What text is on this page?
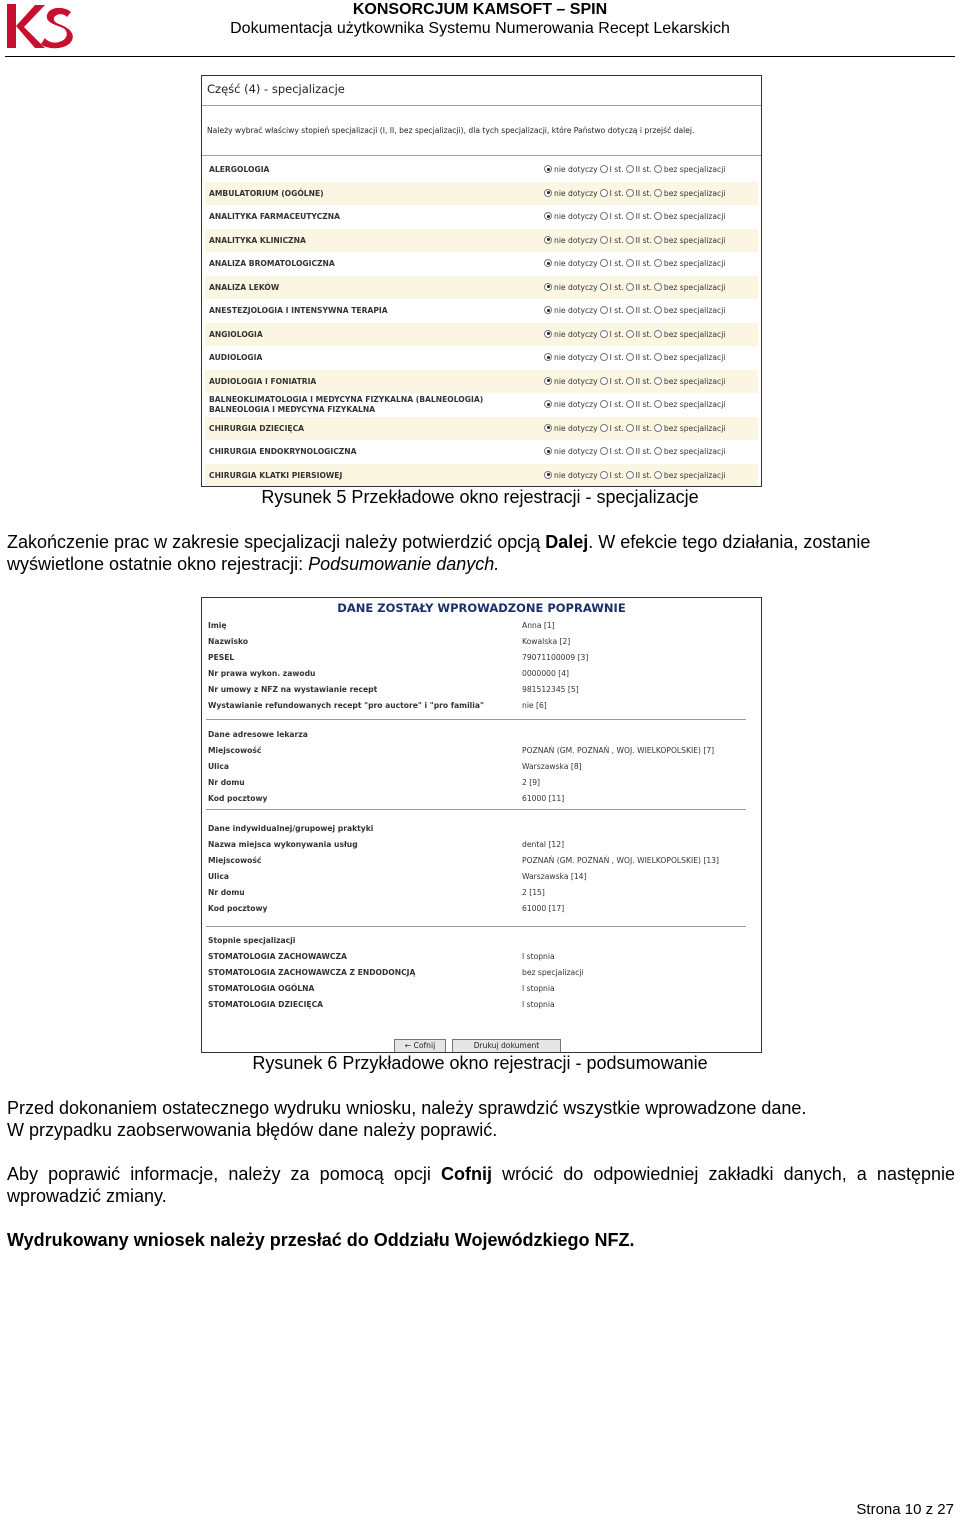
KONSORCJUM KAMSOFT – SPIN
Dokumentacja użytkownika Systemu Numerowania Recept Lekarskich
Część (4) - specjalizacje
Należy wybrać właściwy stopień specjalizacji (I, II, bez specjalizacji), dla tych specjalizacji, które Państwo dotyczą i przejść dalej.
ALERGOLOGIA	nie dotyczy I st. II st. bez specjalizacji
AMBULATORIUM (OGÓLNE)	nie dotyczy I st. II st. bez specjalizacji
ANALITYKA FARMACEUTYCZNA	nie dotyczy I st. II st. bez specjalizacji
ANALITYKA KLINICZNA	nie dotyczy I st. II st. bez specjalizacji
ANALIZA BROMATOLOGICZNA	nie dotyczy I st. II st. bez specjalizacji
ANALIZA LEKÓW	nie dotyczy I st. II st. bez specjalizacji
ANESTEZJOLOGIA I INTENSYWNA TERAPIA	nie dotyczy I st. II st. bez specjalizacji
ANGIOLOGIA	nie dotyczy I st. II st. bez specjalizacji
AUDIOLOGIA	nie dotyczy I st. II st. bez specjalizacji
AUDIOLOGIA I FONIATRIA	nie dotyczy I st. II st. bez specjalizacji
BALNEOKLIMATOLOGIA I MEDYCYNA FIZYKALNA (BALNEOLOGIA)
BALNEOLOGIA I MEDYCYNA FIZYKALNA	nie dotyczy I st. II st. bez specjalizacji
CHIRURGIA DZIECIĘCA	nie dotyczy I st. II st. bez specjalizacji
CHIRURGIA ENDOKRYNOLOGICZNA	nie dotyczy I st. II st. bez specjalizacji
CHIRURGIA KLATKI PIERSIOWEJ	nie dotyczy I st. II st. bez specjalizacji
Rysunek 5 Przekładowe okno rejestracji - specjalizacje
Zakończenie prac w zakresie specjalizacji należy potwierdzić opcją Dalej. W efekcie tego działania, zostanie wyświetlone ostatnie okno rejestracji: Podsumowanie danych.
DANE ZOSTAŁY WPROWADZONE POPRAWNIE
Imię	Anna [1]
Nazwisko	Kowalska [2]
PESEL	79071100009 [3]
Nr prawa wykon. zawodu	0000000 [4]
Nr umowy z NFZ na wystawianie recept	981512345 [5]
Wystawianie refundowanych recept "pro auctore" i "pro familia"	nie [6]
Dane adresowe lekarza
Miejscowość	POZNAŃ (GM. POZNAŃ , WOJ. WIELKOPOLSKIE) [7]
Ulica	Warszawska [8]
Nr domu	2 [9]
Kod pocztowy	61000 [11]
Dane indywidualnej/grupowej praktyki
Nazwa miejsca wykonywania usług	dental [12]
Miejscowość	POZNAŃ (GM. POZNAŃ , WOJ. WIELKOPOLSKIE) [13]
Ulica	Warszawska [14]
Nr domu	2 [15]
Kod pocztowy	61000 [17]
Stopnie specjalizacji
STOMATOLOGIA ZACHOWAWCZA	I stopnia
STOMATOLOGIA ZACHOWAWCZA Z ENDODONCJĄ	bez specjalizacji
STOMATOLOGIA OGÓLNA	I stopnia
STOMATOLOGIA DZIECIĘCA	I stopnia
← Cofnij	Drukuj dokument
Rysunek 6 Przykładowe okno rejestracji - podsumowanie
Przed dokonaniem ostatecznego wydruku wniosku, należy sprawdzić wszystkie wprowadzone dane.
W przypadku zaobserwowania błędów dane należy poprawić.
Aby poprawić informacje, należy za pomocą opcji Cofnij wrócić do odpowiedniej zakładki danych, a następnie wprowadzić zmiany.
Wydrukowany wniosek należy przesłać do Oddziału Wojewódzkiego NFZ.
Strona 10 z 27
